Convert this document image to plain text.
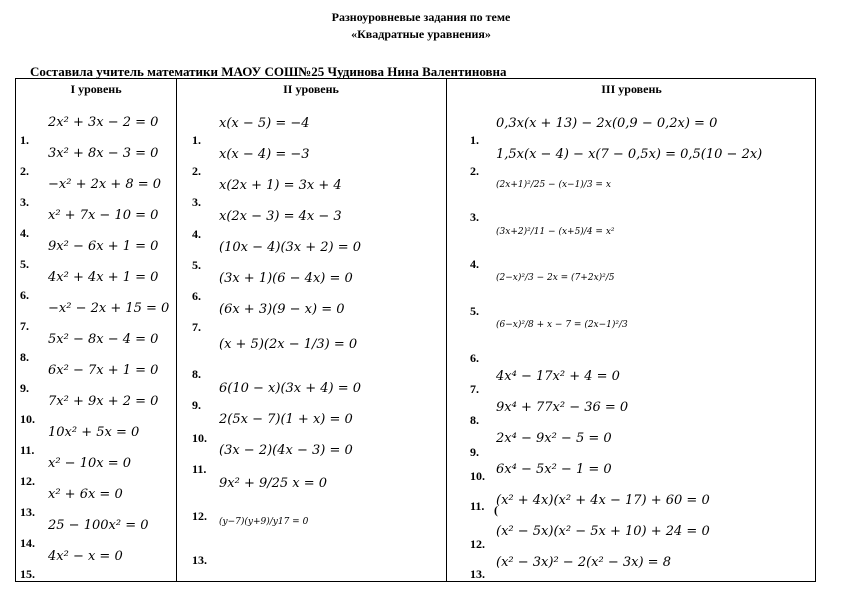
Разноуровневые задания по теме
«Квадратные уравнения»
Составила учитель математики МАОУ СОШ№25 Чудинова Нина Валентиновна
I уровень	II уровень	III уровень
1.
2x² + 3x − 2 = 0
2.
3x² + 8x − 3 = 0
3.
−x² + 2x + 8 = 0
4.
x² + 7x − 10 = 0
5.
9x² − 6x + 1 = 0
6.
4x² + 4x + 1 = 0
7.
−x² − 2x + 15 = 0
8.
5x² − 8x − 4 = 0
9.
6x² − 7x + 1 = 0
10.
7x² + 9x + 2 = 0
11.
10x² + 5x = 0
12.
x² − 10x = 0
13.
x² + 6x = 0
14.
25 − 100x² = 0
15.
4x² − x = 0
1.
x(x − 5) = −4
2.
x(x − 4) = −3
3.
x(2x + 1) = 3x + 4
4.
x(2x − 3) = 4x − 3
5.
(10x − 4)(3x + 2) = 0
6.
(3x + 1)(6 − 4x) = 0
7.
(6x + 3)(9 − x) = 0
8.
(x + 5)(2x − 1/3) = 0
9.
6(10 − x)(3x + 4) = 0
10.
2(5x − 7)(1 + x) = 0
11.
(3x − 2)(4x − 3) = 0
12.
9x² + 9/25 x = 0
13.
(y−7)(y+9)/y17 = 0
1.
0,3x(x + 13) − 2x(0,9 − 0,2x) = 0
2.
1,5x(x − 4) − x(7 − 0,5x) = 0,5(10 − 2x)
3.
(2x+1)²/25 − (x−1)/3 = x
4.
(3x+2)²/11 − (x+5)/4 = x²
5.
(2−x)²/3 − 2x = (7+2x)²/5
6.
(6−x)²/8 + x − 7 = (2x−1)²/3
7.
4x⁴ − 17x² + 4 = 0
8.
9x⁴ + 77x² − 36 = 0
9.
2x⁴ − 9x² − 5 = 0
10. 6x⁴ − 5x² − 1 = 0
11. (x² + 4x)(x² + 4x − 17) + 60 = 0
12.
(x² − 5x)(x² − 5x + 10) + 24 = 0
13.
(x² − 3x)² − 2(x² − 3x) = 8
(
